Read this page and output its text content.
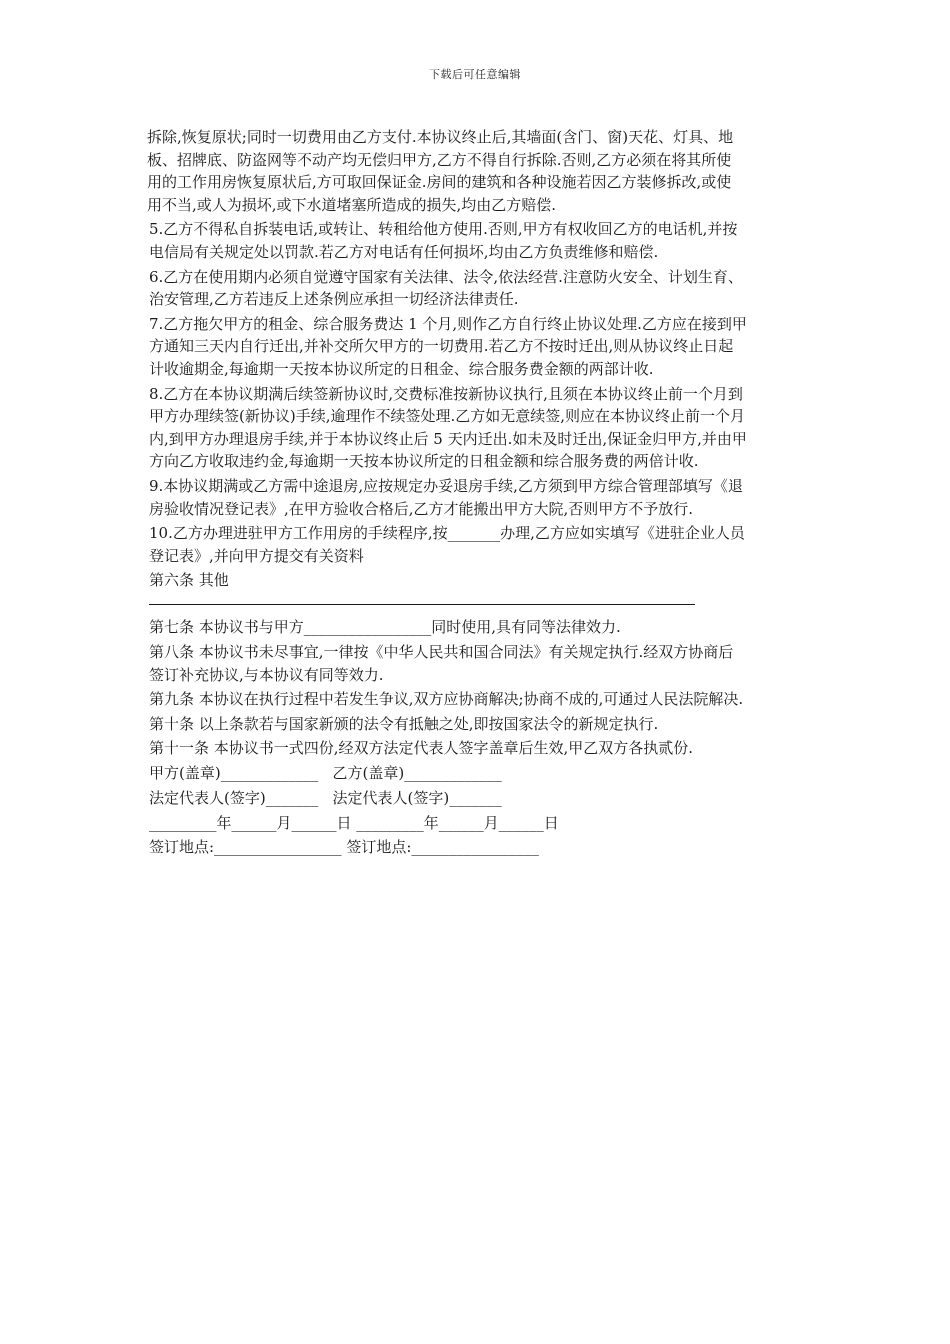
下载后可任意编辑
拆除,恢复原状;同时一切费用由乙方支付.本协议终止后,其墙面(含门、窗)天花、灯具、地
板、招牌底、防盗网等不动产均无偿归甲方,乙方不得自行拆除.否则,乙方必须在将其所使
用的工作用房恢复原状后,方可取回保证金.房间的建筑和各种设施若因乙方装修拆改,或使
用不当,或人为损坏,或下水道堵塞所造成的损失,均由乙方赔偿.
5.乙方不得私自拆装电话,或转让、转租给他方使用.否则,甲方有权收回乙方的电话机,并按
电信局有关规定处以罚款.若乙方对电话有任何损坏,均由乙方负责维修和赔偿.
6.乙方在使用期内必须自觉遵守国家有关法律、法令,依法经营.注意防火安全、计划生育、
治安管理,乙方若违反上述条例应承担一切经济法律责任.
7.乙方拖欠甲方的租金、综合服务费达 1 个月,则作乙方自行终止协议处理.乙方应在接到甲
方通知三天内自行迁出,并补交所欠甲方的一切费用.若乙方不按时迁出,则从协议终止日起
计收逾期金,每逾期一天按本协议所定的日租金、综合服务费金额的两部计收.
8.乙方在本协议期满后续签新协议时,交费标准按新协议执行,且须在本协议终止前一个月到
甲方办理续签(新协议)手续,逾理作不续签处理.乙方如无意续签,则应在本协议终止前一个月
内,到甲方办理退房手续,并于本协议终止后 5 天内迁出.如未及时迁出,保证金归甲方,并由甲
方向乙方收取违约金,每逾期一天按本协议所定的日租金额和综合服务费的两倍计收.
9.本协议期满或乙方需中途退房,应按规定办妥退房手续,乙方须到甲方综合管理部填写《退
房验收情况登记表》,在甲方验收合格后,乙方才能搬出甲方大院,否则甲方不予放行.
10.乙方办理进驻甲方工作用房的手续程序,按_______办理,乙方应如实填写《进驻企业人员
登记表》,并向甲方提交有关资料
第六条 其他
第七条 本协议书与甲方_________________同时使用,具有同等法律效力.
第八条 本协议书未尽事宜,一律按《中华人民共和国合同法》有关规定执行.经双方协商后
签订补充协议,与本协议有同等效力.
第九条 本协议在执行过程中若发生争议,双方应协商解决;协商不成的,可通过人民法院解决.
第十条 以上条款若与国家新颁的法令有抵触之处,即按国家法令的新规定执行.
第十一条 本协议书一式四份,经双方法定代表人签字盖章后生效,甲乙双方各执贰份.
甲方(盖章)_____________   乙方(盖章)_____________
法定代表人(签字)_______   法定代表人(签字)_______
_________年______月______日 _________年______月______日
签订地点:_________________ 签订地点:_________________
